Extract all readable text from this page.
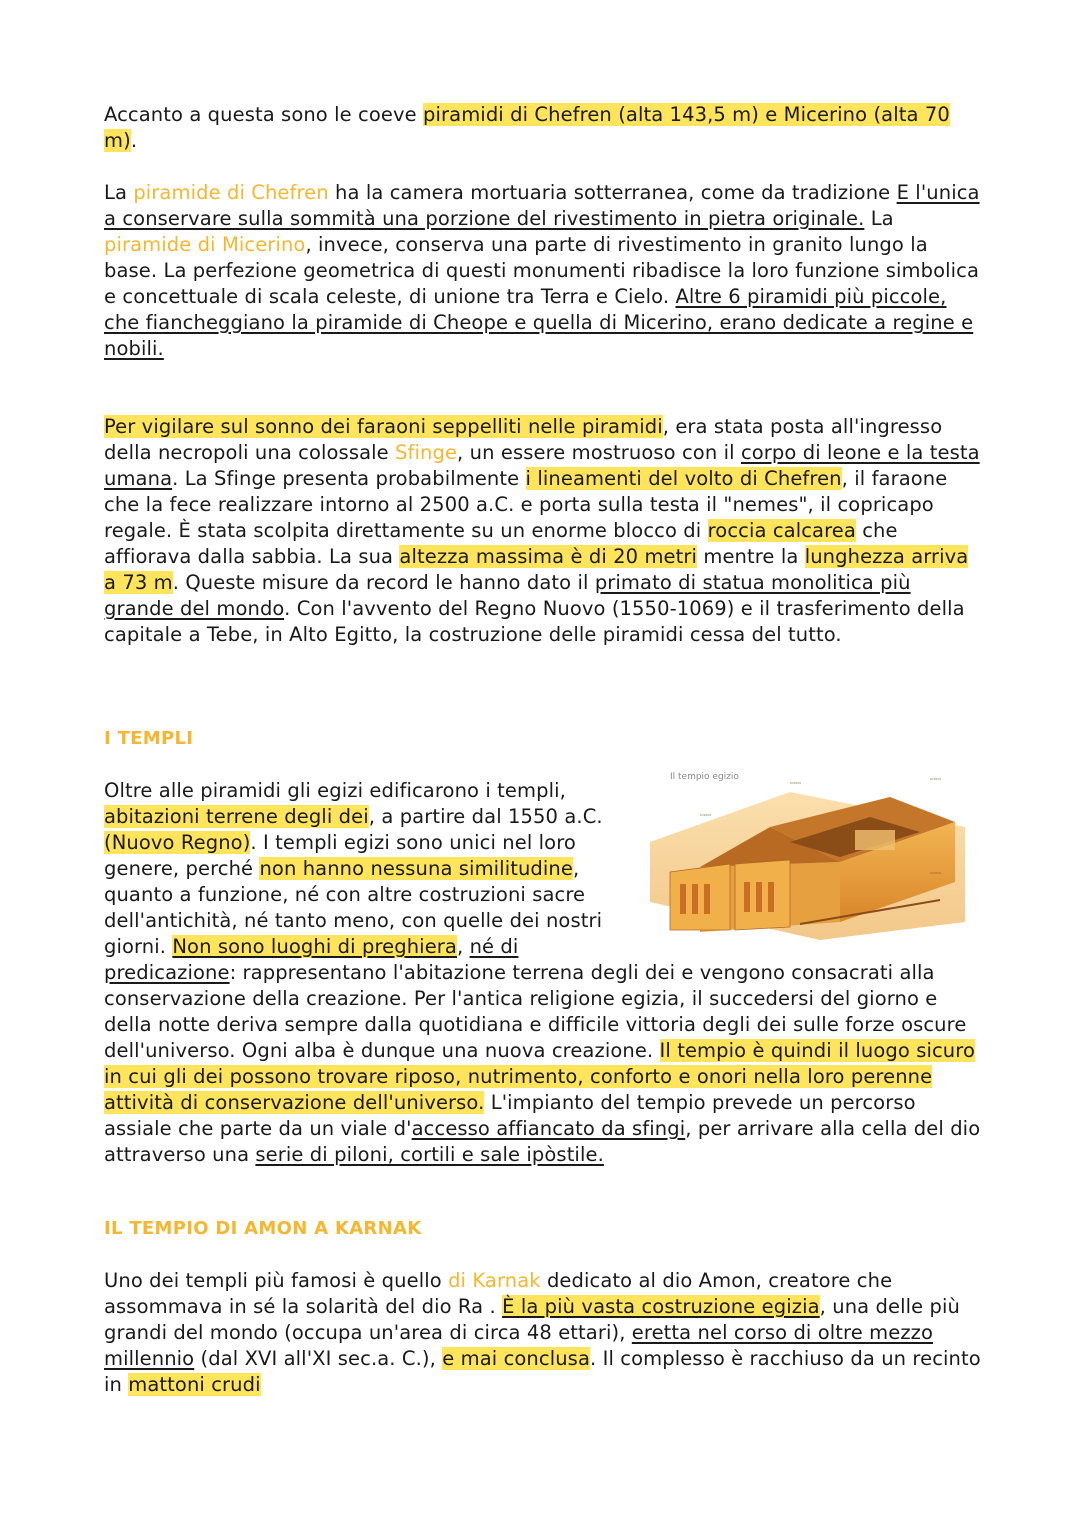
Accanto a questa sono le coeve piramidi di Chefren (alta 143,5 m) e Micerino (alta 70 m).

La piramide di Chefren ha la camera mortuaria sotterranea, come da tradizione E l'unica a conservare sulla sommità una porzione del rivestimento in pietra originale. La piramide di Micerino, invece, conserva una parte di rivestimento in granito lungo la base. La perfezione geometrica di questi monumenti ribadisce la loro funzione simbolica e concettuale di scala celeste, di unione tra Terra e Cielo. Altre 6 piramidi più piccole, che fiancheggiano la piramide di Cheope e quella di Micerino, erano dedicate a regine e nobili.

Per vigilare sul sonno dei faraoni seppelliti nelle piramidi, era stata posta all'ingresso della necropoli una colossale Sfinge, un essere mostruoso con il corpo di leone e la testa umana. La Sfinge presenta probabilmente i lineamenti del volto di Chefren, il faraone che la fece realizzare intorno al 2500 a.C. e porta sulla testa il "nemes", il copricapo regale. È stata scolpita direttamente su un enorme blocco di roccia calcarea che affiorava dalla sabbia. La sua altezza massima è di 20 metri mentre la lunghezza arriva a 73 m. Queste misure da record le hanno dato il primato di statua monolitica più grande del mondo. Con l'avvento del Regno Nuovo (1550-1069) e il trasferimento della capitale a Tebe, in Alto Egitto, la costruzione delle piramidi cessa del tutto.

I TEMPLI
Il tempio egizio
▭▭▭
▭▭▭
▭▭▭
▭▭▭

Oltre alle piramidi gli egizi edificarono i templi, abitazioni terrene degli dei, a partire dal 1550 a.C. (Nuovo Regno). I templi egizi sono unici nel loro genere, perché non hanno nessuna similitudine, quanto a funzione, né con altre costruzioni sacre dell'antichità, né tanto meno, con quelle dei nostri giorni. Non sono luoghi di preghiera, né di predicazione: rappresentano l'abitazione terrena degli dei e vengono consacrati alla conservazione della creazione. Per l'antica religione egizia, il succedersi del giorno e della notte deriva sempre dalla quotidiana e difficile vittoria degli dei sulle forze oscure dell'universo. Ogni alba è dunque una nuova creazione. Il tempio è quindi il luogo sicuro in cui gli dei possono trovare riposo, nutrimento, conforto e onori nella loro perenne attività di conservazione dell'universo. L'impianto del tempio prevede un percorso assiale che parte da un viale d'accesso affiancato da sfingi, per arrivare alla cella del dio attraverso una serie di piloni, cortili e sale ipòstile.

IL TEMPIO DI AMON A KARNAK

Uno dei templi più famosi è quello di Karnak dedicato al dio Amon, creatore che assommava in sé la solarità del dio Ra . È la più vasta costruzione egizia, una delle più grandi del mondo (occupa un'area di circa 48 ettari), eretta nel corso di oltre mezzo millennio (dal XVI all'XI sec.a. C.), e mai conclusa. Il complesso è racchiuso da un recinto in mattoni crudi
